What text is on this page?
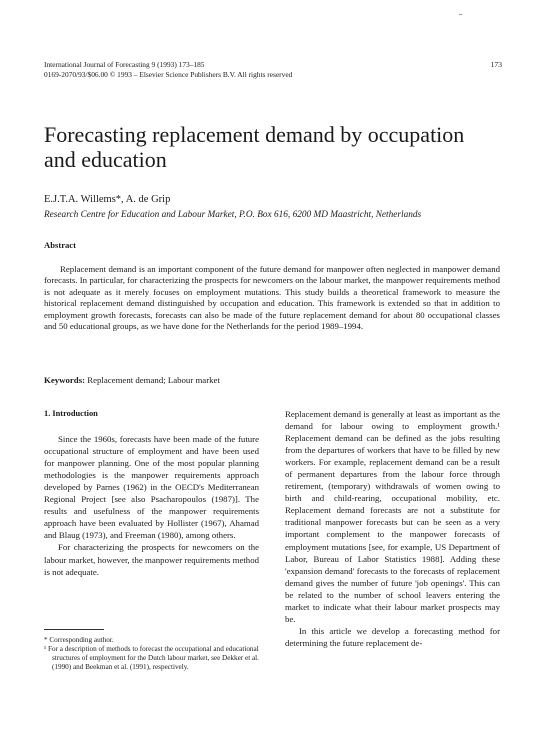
International Journal of Forecasting 9 (1993) 173–185
0169-2070/93/$06.00 © 1993 – Elsevier Science Publishers B.V. All rights reserved
173
Forecasting replacement demand by occupation and education
E.J.T.A. Willems*, A. de Grip
Research Centre for Education and Labour Market, P.O. Box 616, 6200 MD Maastricht, Netherlands
Abstract

Replacement demand is an important component of the future demand for manpower often neglected in manpower demand forecasts. In particular, for characterizing the prospects for newcomers on the labour market, the manpower requirements method is not adequate as it merely focuses on employment mutations. This study builds a theoretical framework to measure the historical replacement demand distinguished by occupation and education. This framework is extended so that in addition to employment growth forecasts, forecasts can also be made of the future replacement demand for about 80 occupational classes and 50 educational groups, as we have done for the Netherlands for the period 1989–1994.

Keywords: Replacement demand; Labour market
1. Introduction

Since the 1960s, forecasts have been made of the future occupational structure of employment and have been used for manpower planning. One of the most popular planning methodologies is the manpower requirements approach developed by Parnes (1962) in the OECD's Mediterranean Regional Project [see also Psacharopoulos (1987)]. The results and usefulness of the manpower requirements approach have been evaluated by Hollister (1967), Ahamad and Blaug (1973), and Freeman (1980), among others.

For characterizing the prospects for newcomers on the labour market, however, the manpower requirements method is not adequate.

* Corresponding author.

¹ For a description of methods to forecast the occupational and educational structures of employment for the Dutch labour market, see Dekker et al. (1990) and Beekman et al. (1991), respectively.

Replacement demand is generally at least as important as the demand for labour owing to employment growth.¹ Replacement demand can be defined as the jobs resulting from the departures of workers that have to be filled by new workers. For example, replacement demand can be a result of permanent departures from the labour force through retirement, (temporary) withdrawals of women owing to birth and child-rearing, occupational mobility, etc. Replacement demand forecasts are not a substitute for traditional manpower forecasts but can be seen as a very important complement to the manpower forecasts of employment mutations [see, for example, US Department of Labor, Bureau of Labor Statistics 1988]. Adding these 'expansion demand' forecasts to the forecasts of replacement demand gives the number of future 'job openings'. This can be related to the number of school leavers entering the market to indicate what their labour market prospects may be.

In this article we develop a forecasting method for determining the future replacement de-
